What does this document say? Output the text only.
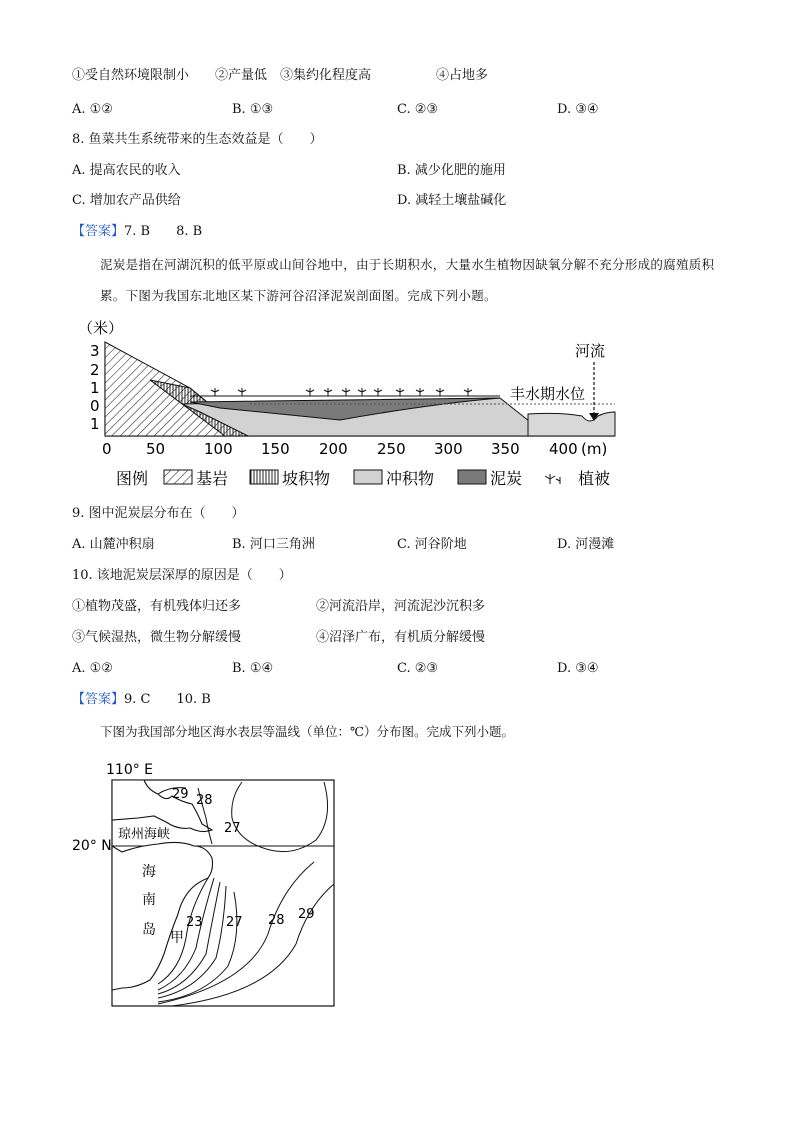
①受自然环境限制小　　②产量低　③集约化程度高　　　　　④占地多
A. ①②	B. ①③	C. ②③	D. ③④
8. 鱼菜共生系统带来的生态效益是（　　）
A. 提高农民的收入	B. 减少化肥的施用
C. 增加农产品供给	D. 减轻土壤盐碱化
【答案】7. B　　8. B
泥炭是指在河湖沉积的低平原或山间谷地中，由于长期积水，大量水生植物因缺氧分解不充分形成的腐殖质积累。下图为我国东北地区某下游河谷沼泽泥炭剖面图。完成下列小题。
（米）
3
2
1
0
1
丰水期水位
河流
0 50	100 150 200 250 300 350 400 (m)
图例	基岩	坡积物	冲积物	泥炭	植被
9. 图中泥炭层分布在（　　）
A. 山麓冲积扇	B. 河口三角洲	C. 河谷阶地	D. 河漫滩
10. 该地泥炭层深厚的原因是（　　）
①植物茂盛，有机残体归还多	②河流沿岸，河流泥沙沉积多
③气候湿热，微生物分解缓慢	④沼泽广布，有机质分解缓慢
A. ①②	B. ①④	C. ②③	D. ③④
【答案】9. C　　10. B
下图为我国部分地区海水表层等温线（单位：℃）分布图。完成下列小题。
110° E
20° N
琼州海峡
海
南
岛 甲
29 28
27
23 27 28 29
